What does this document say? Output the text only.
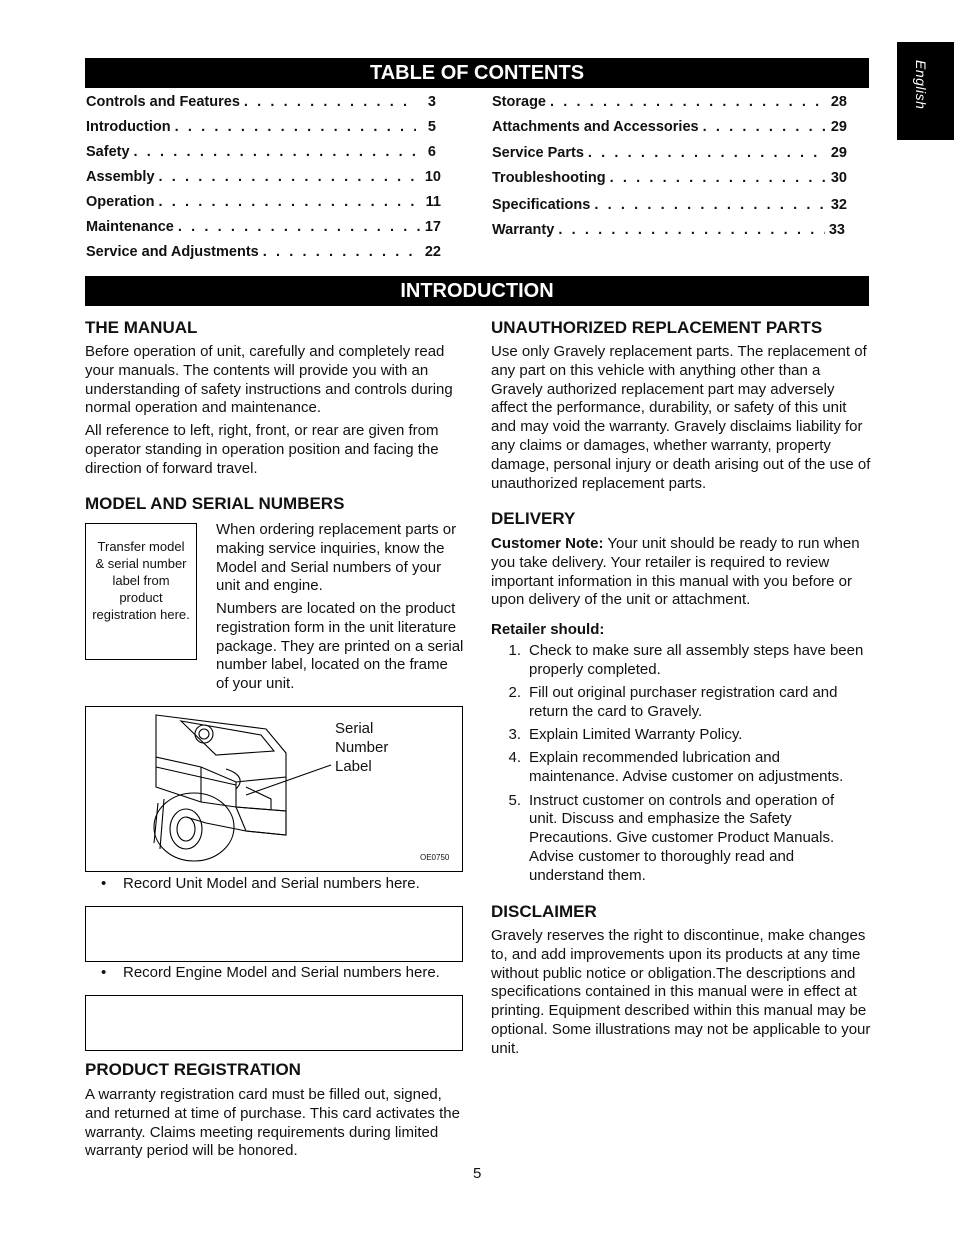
English
TABLE OF CONTENTS
Controls and Features . . .	3
Introduction . . .	5
Safety . . .	6
Assembly . . .	10
Operation . . .	11
Maintenance . . .	17
Service and Adjustments . . .	22
Storage . . .	28
Attachments and Accessories . . .	29
Service Parts . . .	29
Troubleshooting . . .	30
Specifications . . .	32
Warranty . . .	33
INTRODUCTION
THE MANUAL

Before operation of unit, carefully and completely read your manuals. The contents will provide you with an understanding of safety instructions and controls during normal operation and maintenance.

All reference to left, right, front, or rear are given from operator standing in operation position and facing the direction of forward travel.

MODEL AND SERIAL NUMBERS
Transfer model & serial number label from product registration here.

When ordering replacement parts or making service inquiries, know the Model and Serial numbers of your unit and engine.

Numbers are located on the product registration form in the unit literature package. They are printed on a serial number label, located on the frame of your unit.

Serial Number Label
OE0750
•	Record Unit Model and Serial numbers here.
•	Record Engine Model and Serial numbers here.
PRODUCT REGISTRATION

A warranty registration card must be filled out, signed, and returned at time of purchase. This card activates the warranty. Claims meeting requirements during limited warranty period will be honored.

UNAUTHORIZED REPLACEMENT PARTS

Use only Gravely replacement parts. The replacement of any part on this vehicle with anything other than a Gravely authorized replacement part may adversely affect the performance, durability, or safety of this unit and may void the warranty. Gravely disclaims liability for any claims or damages, whether warranty, property damage, personal injury or death arising out of the use of unauthorized replacement parts.

DELIVERY

Customer Note: Your unit should be ready to run when you take delivery. Your retailer is required to review important information in this manual with you before or upon delivery of the unit or attachment.

Retailer should:
1. Check to make sure all assembly steps have been properly completed.
2. Fill out original purchaser registration card and return the card to Gravely.
3. Explain Limited Warranty Policy.
4. Explain recommended lubrication and maintenance. Advise customer on adjustments.
5. Instruct customer on controls and operation of unit. Discuss and emphasize the Safety Precautions. Give customer Product Manuals. Advise customer to thoroughly read and understand them.
DISCLAIMER

Gravely reserves the right to discontinue, make changes to, and add improvements upon its products at any time without public notice or obligation.The descriptions and specifications contained in this manual were in effect at printing. Equipment described within this manual may be optional. Some illustrations may not be applicable to your unit.

5
